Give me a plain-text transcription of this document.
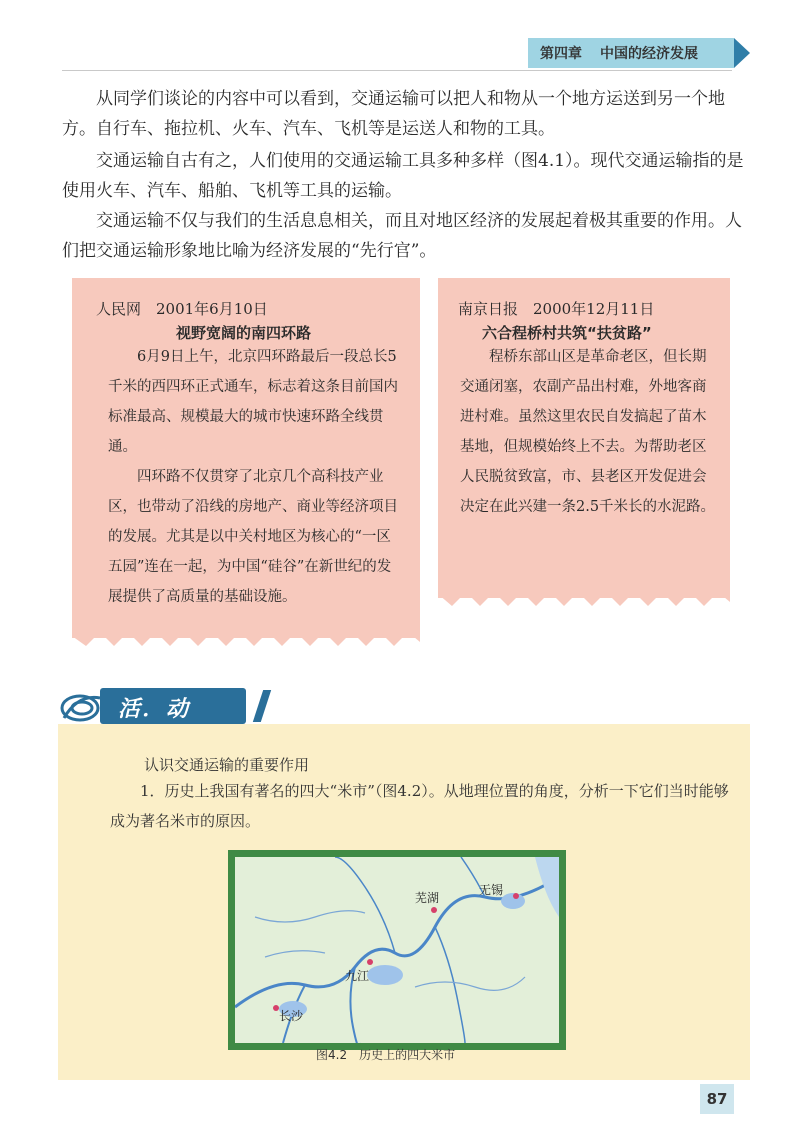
第四章 中国的经济发展
从同学们谈论的内容中可以看到，交通运输可以把人和物从一个地方运送到另一个地方。自行车、拖拉机、火车、汽车、飞机等是运送人和物的工具。
交通运输自古有之，人们使用的交通运输工具多种多样（图4.1）。现代交通运输指的是使用火车、汽车、船舶、飞机等工具的运输。
交通运输不仅与我们的生活息息相关，而且对地区经济的发展起着极其重要的作用。人们把交通运输形象地比喻为经济发展的“先行官”。
人民网　2001年6月10日
视野宽阔的南四环路
6月9日上午，北京四环路最后一段总长5千米的西四环正式通车，标志着这条目前国内标准最高、规模最大的城市快速环路全线贯通。
四环路不仅贯穿了北京几个高科技产业区，也带动了沿线的房地产、商业等经济项目的发展。尤其是以中关村地区为核心的“一区五园”连在一起，为中国“硅谷”在新世纪的发展提供了高质量的基础设施。
南京日报　2000年12月11日
六合程桥村共筑“扶贫路”
程桥东部山区是革命老区，但长期交通闭塞，农副产品出村难，外地客商进村难。虽然这里农民自发搞起了苗木基地，但规模始终上不去。为帮助老区人民脱贫致富，市、县老区开发促进会决定在此兴建一条2.5千米长的水泥路。
活．动
认识交通运输的重要作用
1．历史上我国有著名的四大“米市”（图4.2）。从地理位置的角度，分析一下它们当时能够成为著名米市的原因。
芜湖
无锡
九江
长沙
图4.2　历史上的四大米市
87
